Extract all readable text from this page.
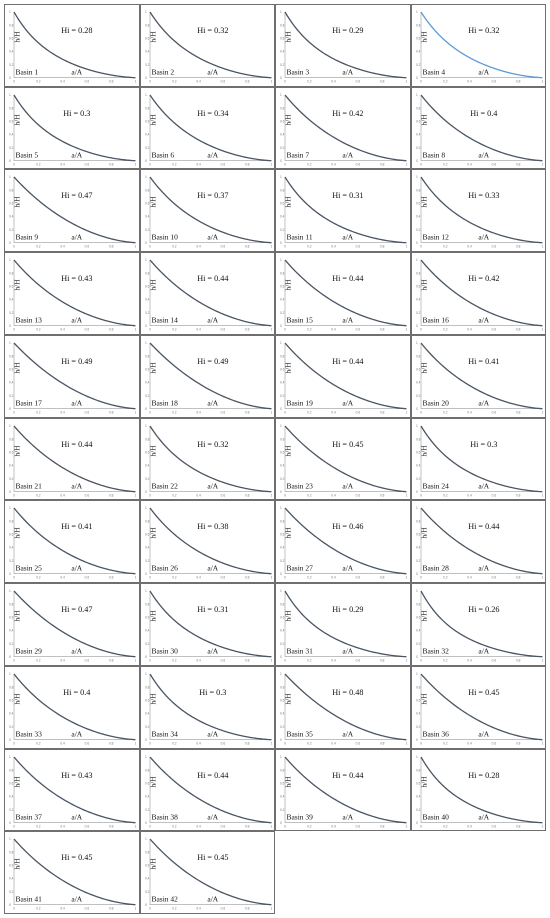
0
0.2
0.4
0.6
0.8
1
0	0.2	0.4	0.6	0.8	1
h/H
Hi = 0.28
Basin 1	a/A
0
0.2
0.4
0.6
0.8
1
0	0.2	0.4	0.6	0.8	1
h/H
Hi = 0.32
Basin 2	a/A
0
0.2
0.4
0.6
0.8
1
0	0.2	0.4	0.6	0.8	1
h/H
Hi = 0.29
Basin 3	a/A
0
0.2
0.4
0.6
0.8
1
0	0.2	0.4	0.6	0.8	1
h/H
Hi = 0.32
Basin 4	a/A
0
0.2
0.4
0.6
0.8
1
0	0.2	0.4	0.6	0.8	1
h/H
Hi = 0.3
Basin 5	a/A
0
0.2
0.4
0.6
0.8
1
0	0.2	0.4	0.6	0.8	1
h/H
Hi = 0.34
Basin 6	a/A
0
0.2
0.4
0.6
0.8
1
0	0.2	0.4	0.6	0.8	1
h/H
Hi = 0.42
Basin 7	a/A
0
0.2
0.4
0.6
0.8
1
0	0.2	0.4	0.6	0.8	1
h/H
Hi = 0.4
Basin 8	a/A
0
0.2
0.4
0.6
0.8
1
0	0.2	0.4	0.6	0.8	1
h/H
Hi = 0.47
Basin 9	a/A
0
0.2
0.4
0.6
0.8
1
0	0.2	0.4	0.6	0.8	1
h/H
Hi = 0.37
Basin 10	a/A
0
0.2
0.4
0.6
0.8
1
0	0.2	0.4	0.6	0.8	1
h/H
Hi = 0.31
Basin 11	a/A
0
0.2
0.4
0.6
0.8
1
0	0.2	0.4	0.6	0.8	1
h/H
Hi = 0.33
Basin 12	a/A
0
0.2
0.4
0.6
0.8
1
0	0.2	0.4	0.6	0.8	1
h/H
Hi = 0.43
Basin 13	a/A
0
0.2
0.4
0.6
0.8
1
0	0.2	0.4	0.6	0.8	1
h/H
Hi = 0.44
Basin 14	a/A
0
0.2
0.4
0.6
0.8
1
0	0.2	0.4	0.6	0.8	1
h/H
Hi = 0.44
Basin 15	a/A
0
0.2
0.4
0.6
0.8
1
0	0.2	0.4	0.6	0.8	1
h/H
Hi = 0.42
Basin 16	a/A
0
0.2
0.4
0.6
0.8
1
0	0.2	0.4	0.6	0.8	1
h/H
Hi = 0.49
Basin 17	a/A
0
0.2
0.4
0.6
0.8
1
0	0.2	0.4	0.6	0.8	1
h/H
Hi = 0.49
Basin 18	a/A
0
0.2
0.4
0.6
0.8
1
0	0.2	0.4	0.6	0.8	1
h/H
Hi = 0.44
Basin 19	a/A
0
0.2
0.4
0.6
0.8
1
0	0.2	0.4	0.6	0.8	1
h/H
Hi = 0.41
Basin 20	a/A
0
0.2
0.4
0.6
0.8
1
0	0.2	0.4	0.6	0.8	1
h/H
Hi = 0.44
Basin 21	a/A
0
0.2
0.4
0.6
0.8
1
0	0.2	0.4	0.6	0.8	1
h/H
Hi = 0.32
Basin 22	a/A
0
0.2
0.4
0.6
0.8
1
0	0.2	0.4	0.6	0.8	1
h/H
Hi = 0.45
Basin 23	a/A
0
0.2
0.4
0.6
0.8
1
0	0.2	0.4	0.6	0.8	1
h/H
Hi = 0.3
Basin 24	a/A
0
0.2
0.4
0.6
0.8
1
0	0.2	0.4	0.6	0.8	1
h/H
Hi = 0.41
Basin 25	a/A
0
0.2
0.4
0.6
0.8
1
0	0.2	0.4	0.6	0.8	1
h/H
Hi = 0.38
Basin 26	a/A
0
0.2
0.4
0.6
0.8
1
0	0.2	0.4	0.6	0.8	1
h/H
Hi = 0.46
Basin 27	a/A
0
0.2
0.4
0.6
0.8
1
0	0.2	0.4	0.6	0.8	1
h/H
Hi = 0.44
Basin 28	a/A
0
0.2
0.4
0.6
0.8
1
0	0.2	0.4	0.6	0.8	1
h/H
Hi = 0.47
Basin 29	a/A
0
0.2
0.4
0.6
0.8
1
0	0.2	0.4	0.6	0.8	1
h/H
Hi = 0.31
Basin 30	a/A
0
0.2
0.4
0.6
0.8
1
0	0.2	0.4	0.6	0.8	1
h/H
Hi = 0.29
Basin 31	a/A
0
0.2
0.4
0.6
0.8
1
0	0.2	0.4	0.6	0.8	1
h/H
Hi = 0.26
Basin 32	a/A
0
0.2
0.4
0.6
0.8
1
0	0.2	0.4	0.6	0.8	1
h/H
Hi = 0.4
Basin 33	a/A
0
0.2
0.4
0.6
0.8
1
0	0.2	0.4	0.6	0.8	1
h/H
Hi = 0.3
Basin 34	a/A
0
0.2
0.4
0.6
0.8
1
0	0.2	0.4	0.6	0.8	1
h/H
Hi = 0.48
Basin 35	a/A
0
0.2
0.4
0.6
0.8
1
0	0.2	0.4	0.6	0.8	1
h/H
Hi = 0.45
Basin 36	a/A
0
0.2
0.4
0.6
0.8
1
0	0.2	0.4	0.6	0.8	1
h/H
Hi = 0.43
Basin 37	a/A
0
0.2
0.4
0.6
0.8
1
0	0.2	0.4	0.6	0.8	1
h/H
Hi = 0.44
Basin 38	a/A
0
0.2
0.4
0.6
0.8
1
0	0.2	0.4	0.6	0.8	1
h/H
Hi = 0.44
Basin 39	a/A
0
0.2
0.4
0.6
0.8
1
0	0.2	0.4	0.6	0.8	1
h/H
Hi = 0.28
Basin 40	a/A
0
0.2
0.4
0.6
0.8
1
0	0.2	0.4	0.6	0.8	1
h/H
Hi = 0.45
Basin 41	a/A
0
0.2
0.4
0.6
0.8
1
0	0.2	0.4	0.6	0.8	1
h/H
Hi = 0.45
Basin 42	a/A
